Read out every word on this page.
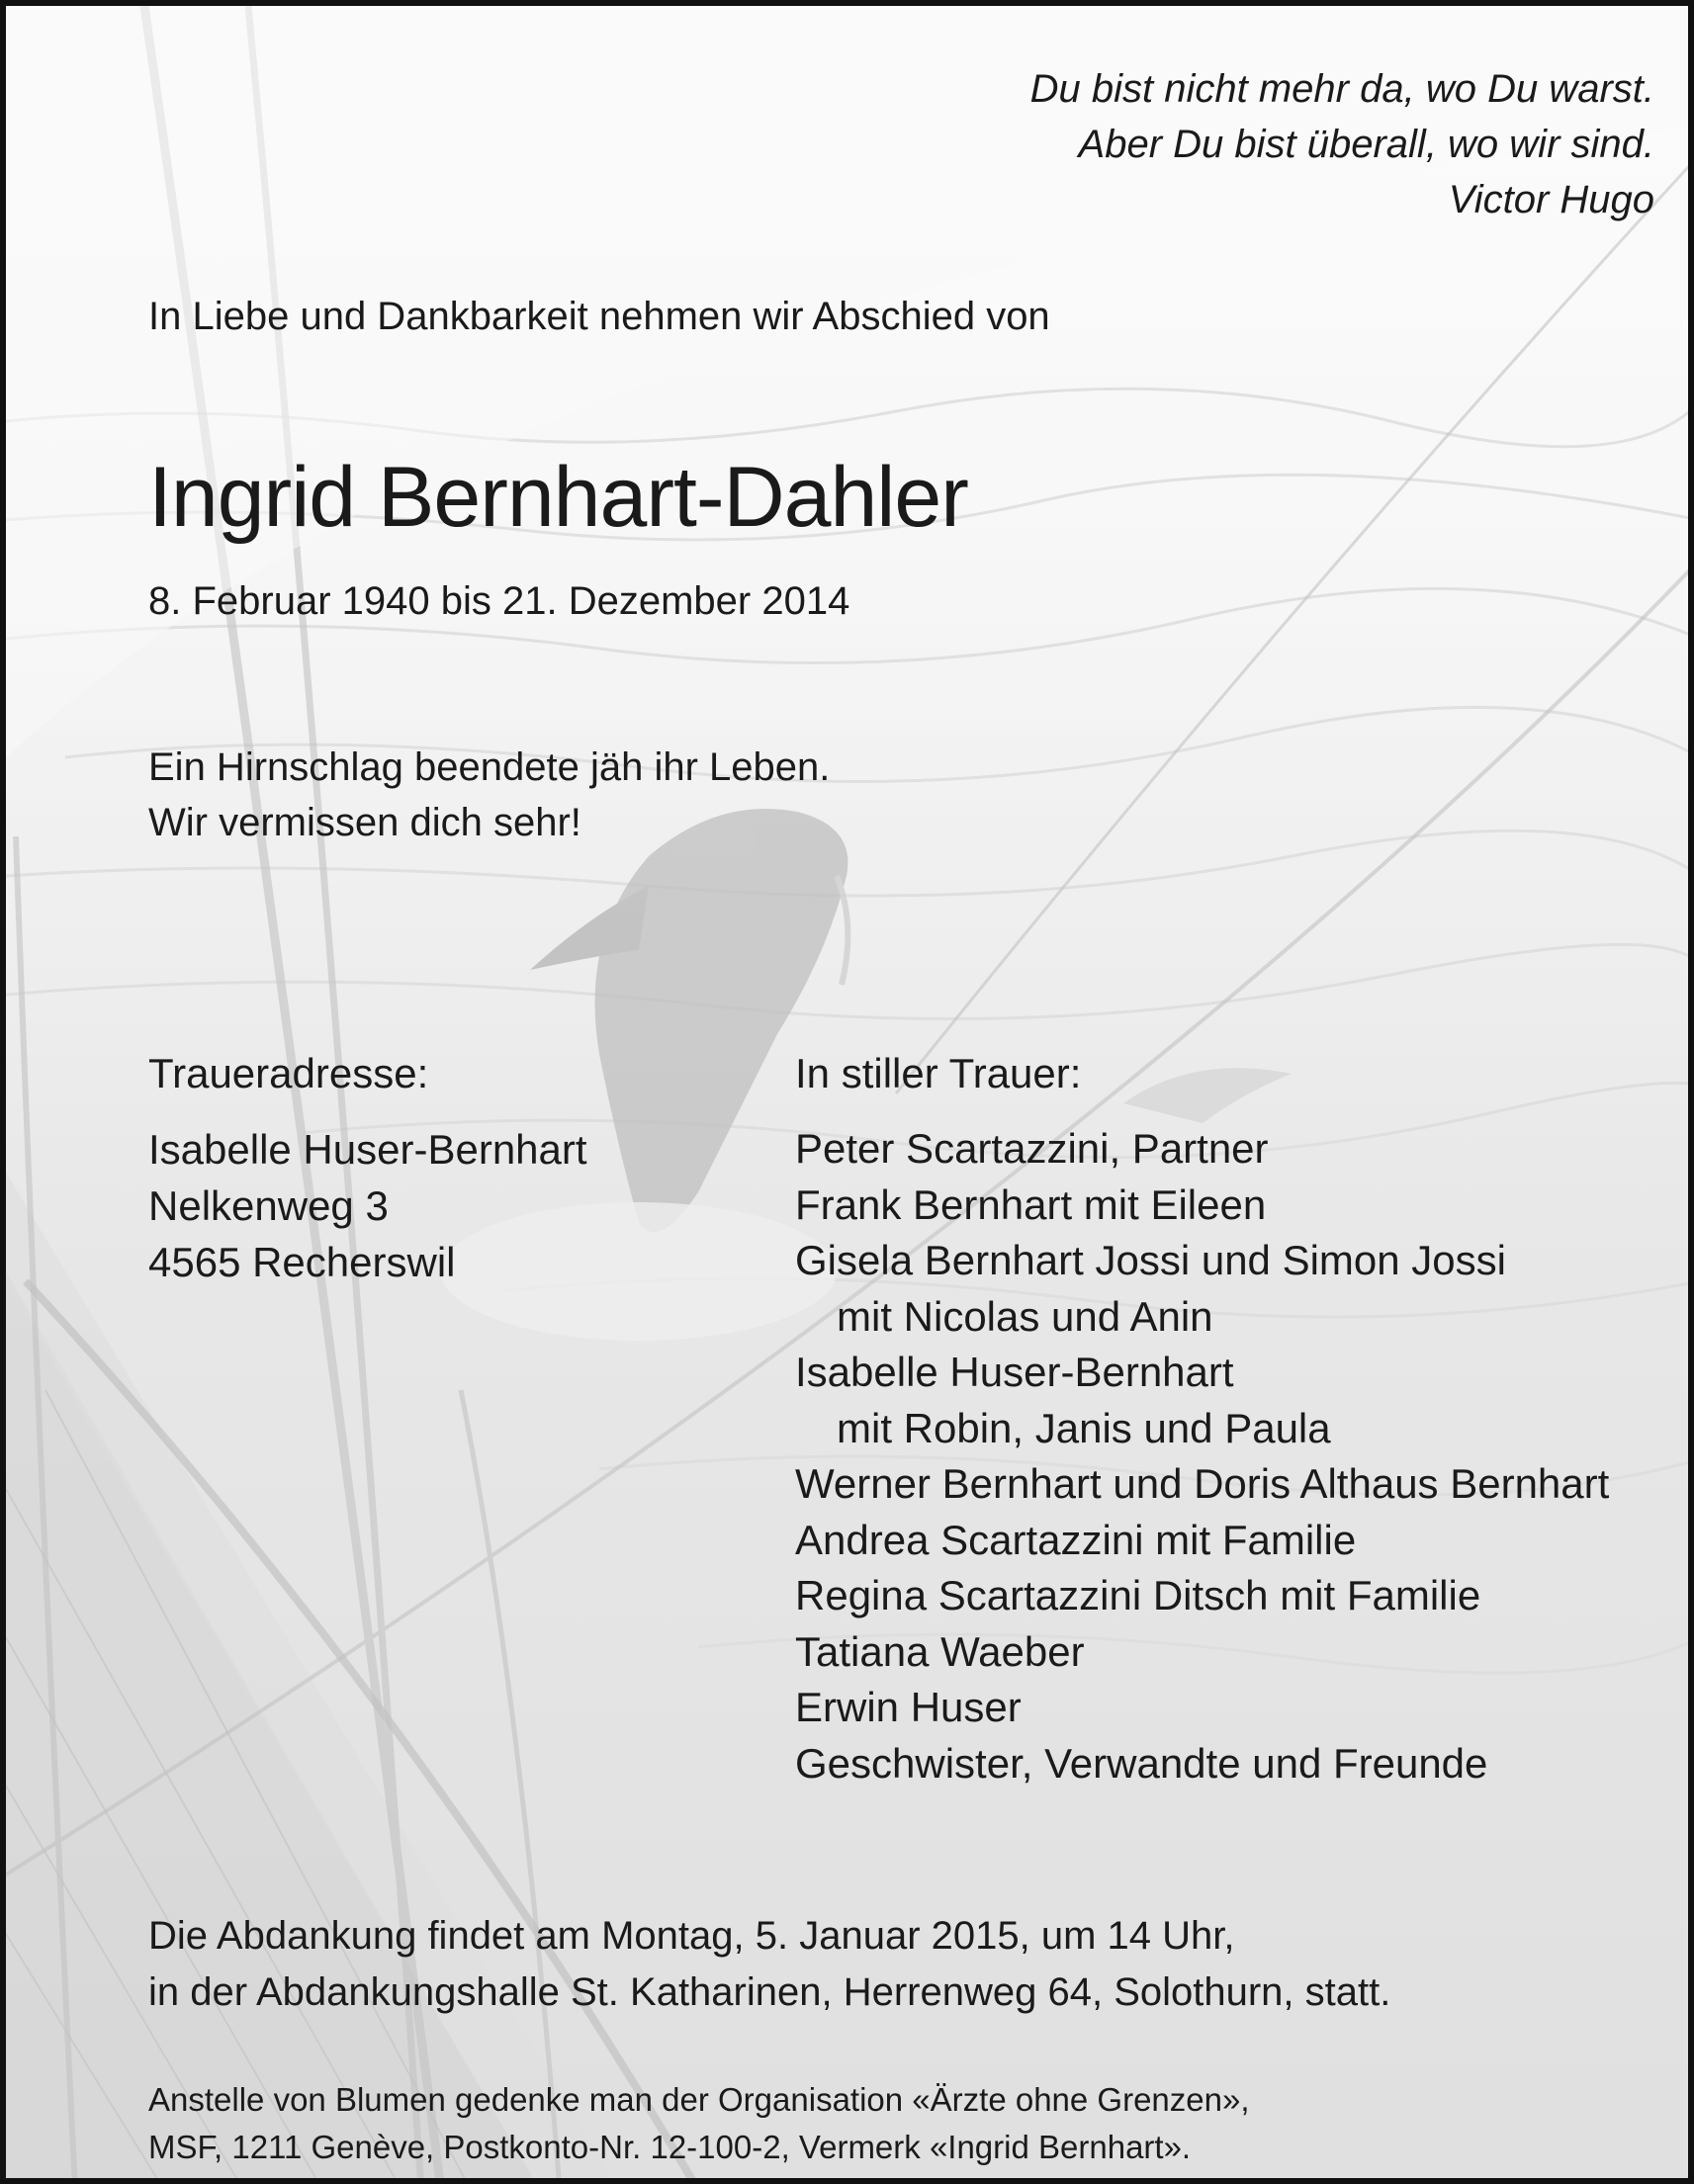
Du bist nicht mehr da, wo Du warst.
Aber Du bist überall, wo wir sind.
Victor Hugo
In Liebe und Dankbarkeit nehmen wir Abschied von
Ingrid Bernhart-Dahler
8. Februar 1940 bis 21. Dezember 2014
Ein Hirnschlag beendete jäh ihr Leben.
Wir vermissen dich sehr!
Traueradresse:
Isabelle Huser-Bernhart
Nelkenweg 3
4565 Recherswil
In stiller Trauer:
Peter Scartazzini, Partner
Frank Bernhart mit Eileen
Gisela Bernhart Jossi und Simon Jossi
mit Nicolas und Anin
Isabelle Huser-Bernhart
mit Robin, Janis und Paula
Werner Bernhart und Doris Althaus Bernhart
Andrea Scartazzini mit Familie
Regina Scartazzini Ditsch mit Familie
Tatiana Waeber
Erwin Huser
Geschwister, Verwandte und Freunde
Die Abdankung findet am Montag, 5. Januar 2015, um 14 Uhr,
in der Abdankungshalle St. Katharinen, Herrenweg 64, Solothurn, statt.
Anstelle von Blumen gedenke man der Organisation «Ärzte ohne Grenzen»,
MSF, 1211 Genève, Postkonto-Nr. 12-100-2, Vermerk «Ingrid Bernhart».
